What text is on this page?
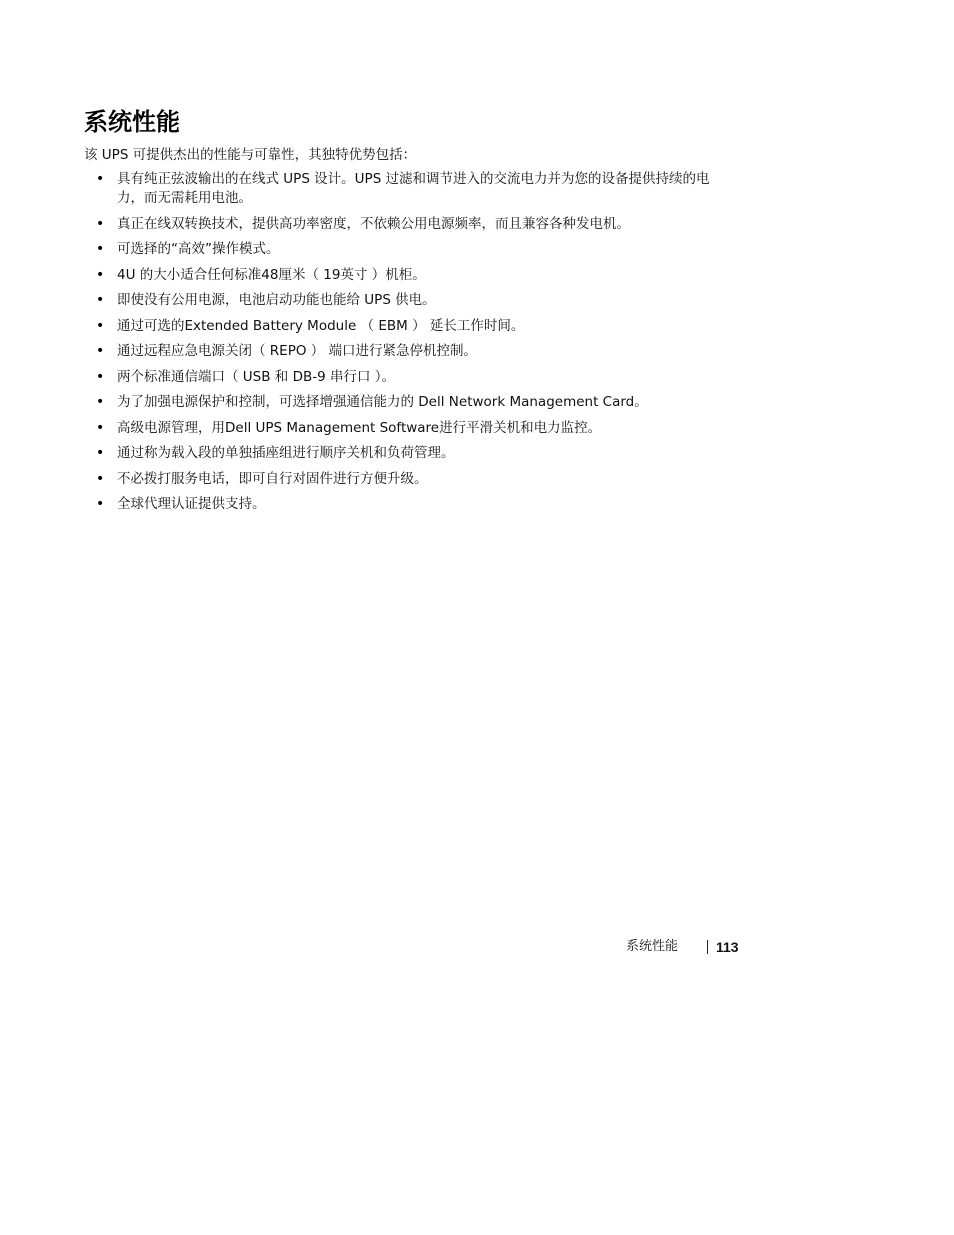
系统性能

该 UPS 可提供杰出的性能与可靠性，其独特优势包括：

• 具有纯正弦波输出的在线式 UPS 设计。UPS 过滤和调节进入的交流电力并为您的设备提供持续的电力，而无需耗用电池。
• 真正在线双转换技术，提供高功率密度，不依赖公用电源频率，而且兼容各种发电机。
• 可选择的“高效”操作模式。
• 4U 的大小适合任何标准48厘米（ 19英寸 ）机柜。
• 即使没有公用电源，电池启动功能也能给 UPS 供电。
• 通过可选的Extended Battery Module （ EBM ） 延长工作时间。
• 通过远程应急电源关闭（ REPO ） 端口进行紧急停机控制。
• 两个标准通信端口（ USB 和 DB-9 串行口 ）。
• 为了加强电源保护和控制，可选择增强通信能力的 Dell Network Management Card。
• 高级电源管理，用Dell UPS Management Software进行平滑关机和电力监控。
• 通过称为载入段的单独插座组进行顺序关机和负荷管理。
• 不必拨打服务电话，即可自行对固件进行方便升级。
• 全球代理认证提供支持。
系统性能	113
